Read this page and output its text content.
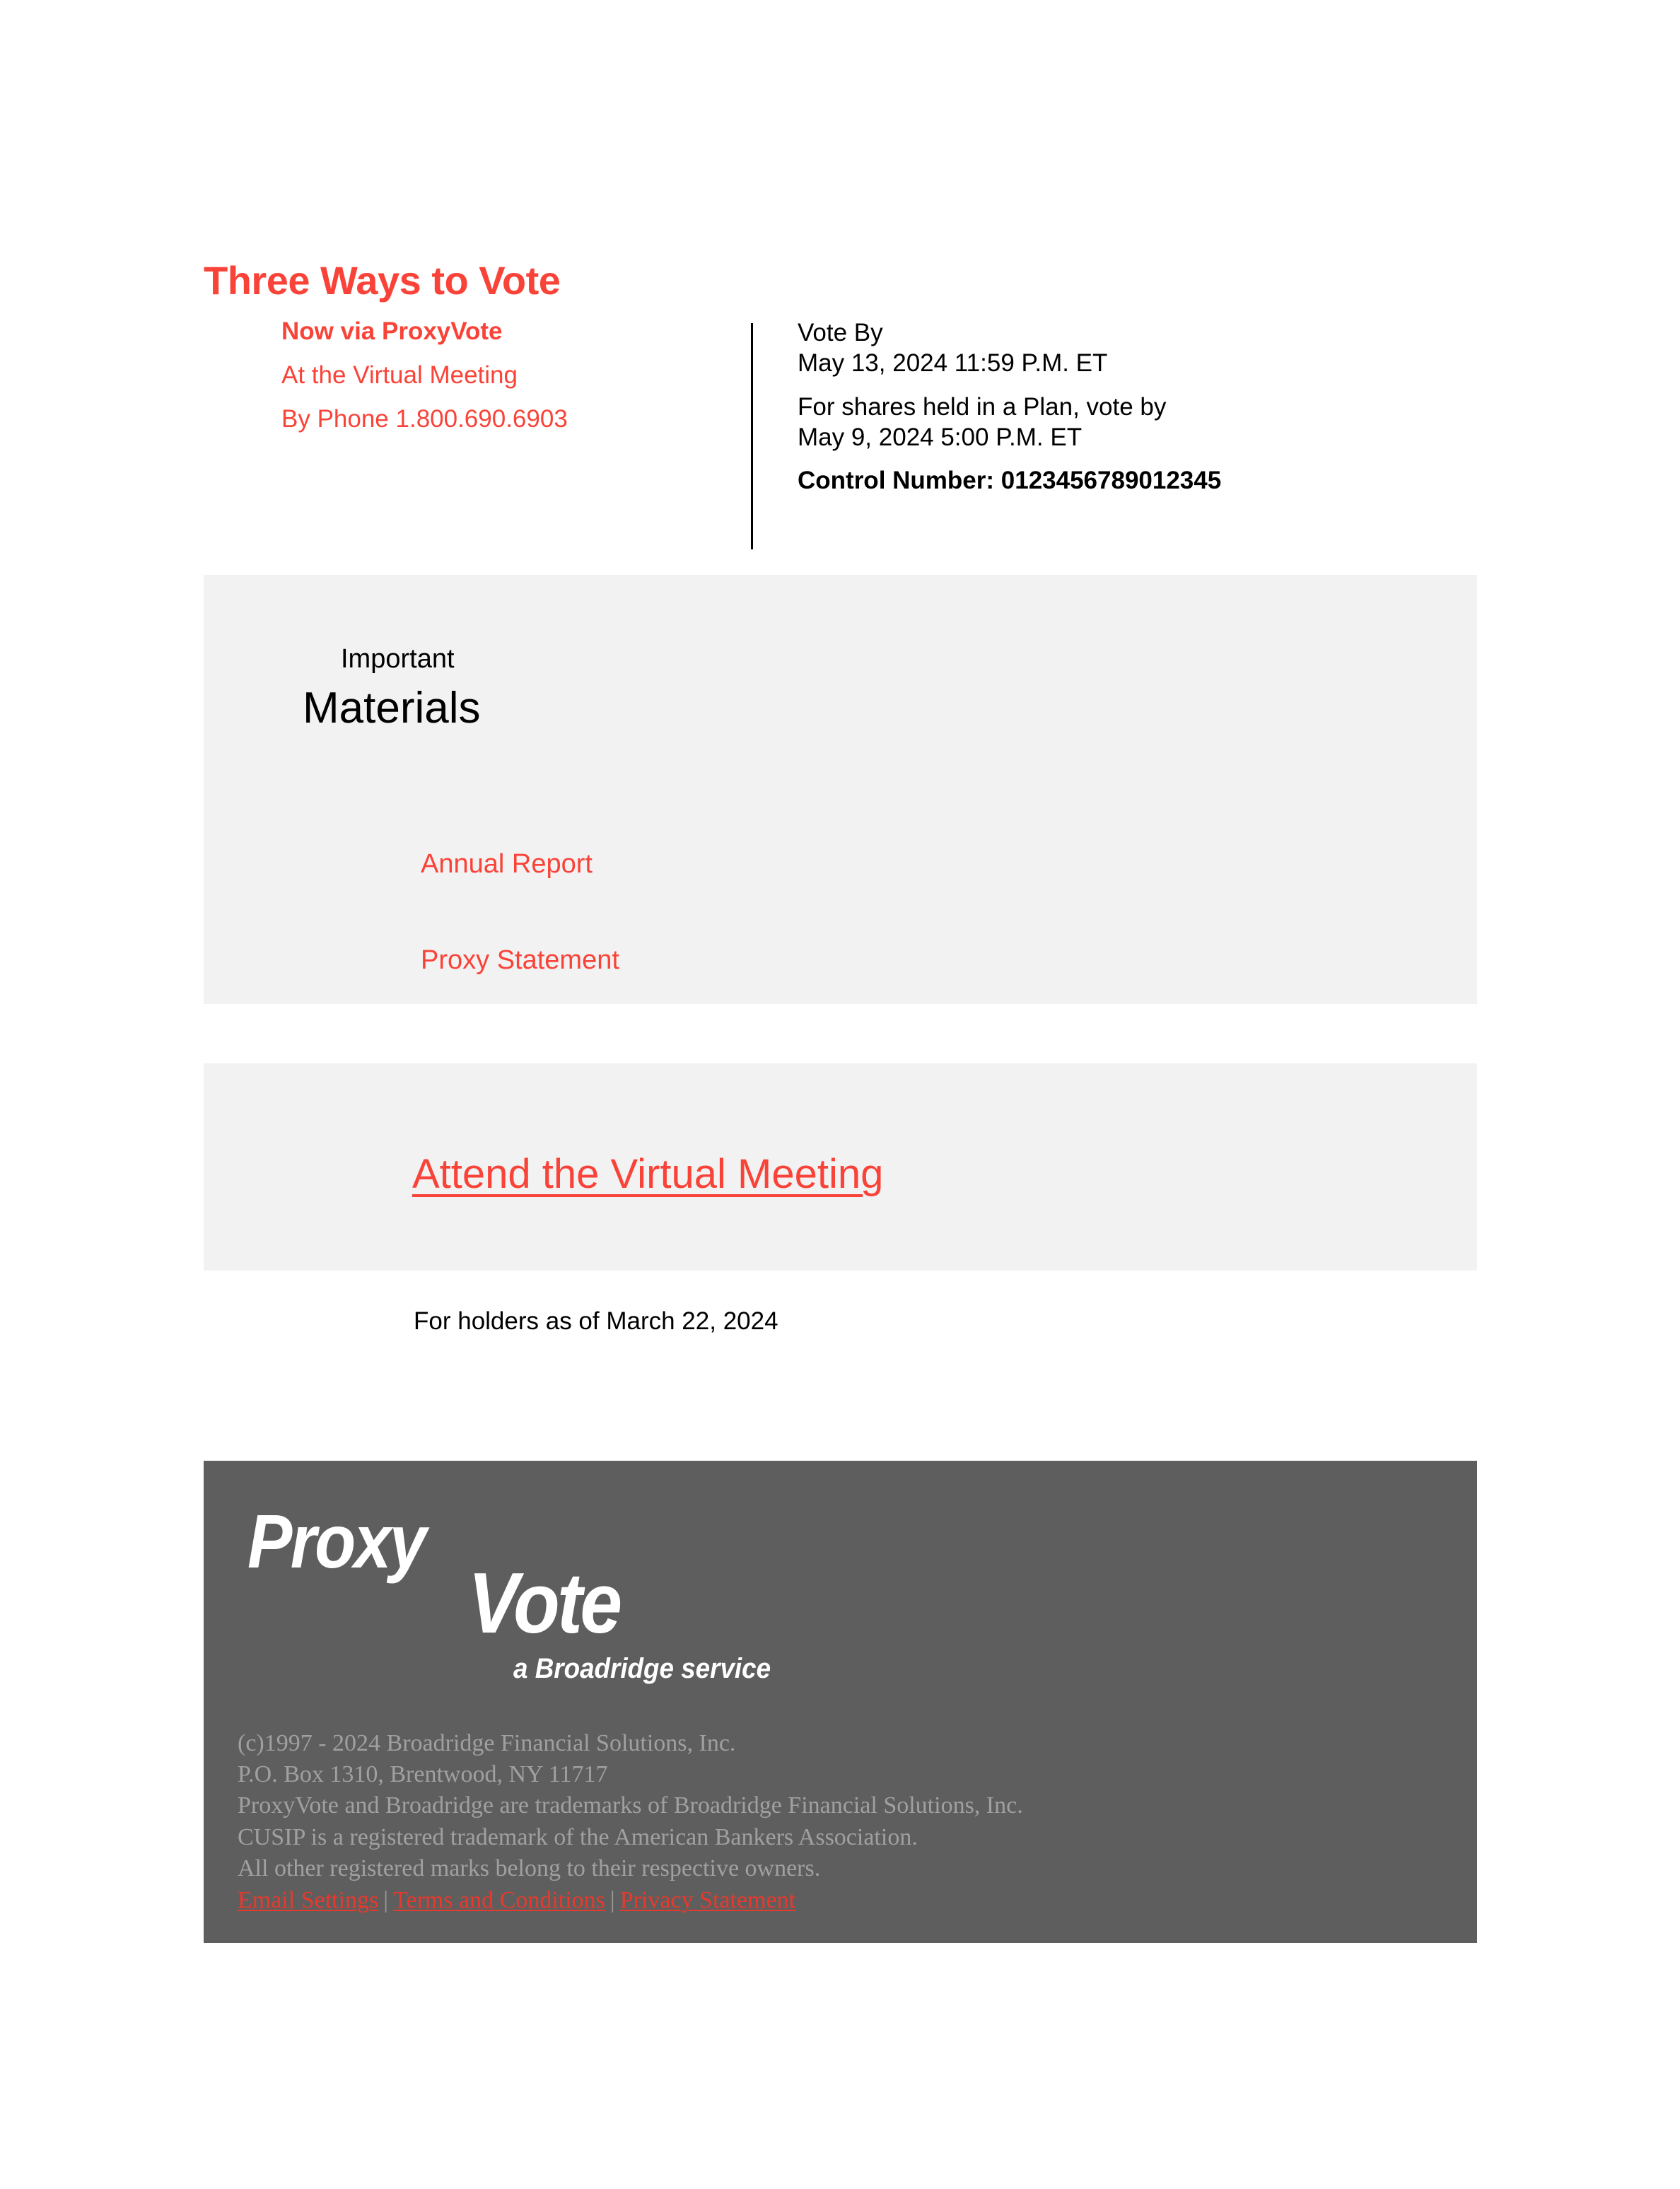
Three Ways to Vote
Now via ProxyVote
At the Virtual Meeting
By Phone 1.800.690.6903
Vote By
May 13, 2024 11:59 P.M. ET
For shares held in a Plan, vote by
May 9, 2024 5:00 P.M. ET
Control Number: 0123456789012345
Important
Materials
Annual Report
Proxy Statement
Attend the Virtual Meeting
For holders as of March 22, 2024
Proxy
Vote
a Broadridge service
(c)1997 - 2024 Broadridge Financial Solutions, Inc.
P.O. Box 1310, Brentwood, NY 11717
ProxyVote and Broadridge are trademarks of Broadridge Financial Solutions, Inc.
CUSIP is a registered trademark of the American Bankers Association.
All other registered marks belong to their respective owners.
Email Settings | Terms and Conditions | Privacy Statement
